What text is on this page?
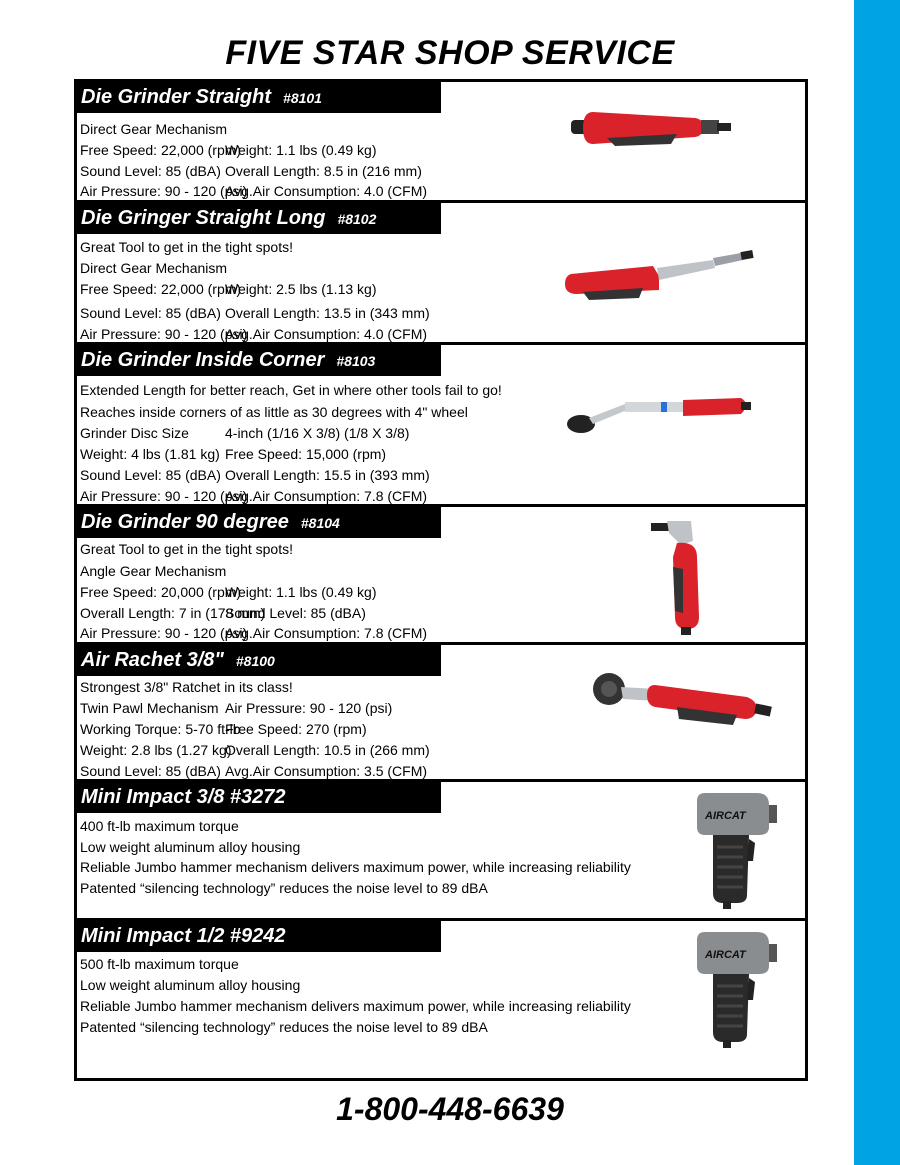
FIVE STAR SHOP SERVICE
Die Grinder Straight #8101
Direct Gear Mechanism
Free Speed: 22,000 (rpm)
Weight: 1.1 lbs (0.49 kg)
Sound Level: 85 (dBA) Overall Length: 8.5 in (216 mm)
Air Pressure: 90 - 120 (psi)
Avg.Air Consumption: 4.0 (CFM)
Die Gringer Straight Long #8102
Great Tool to get in the tight spots!
Direct Gear Mechanism
Free Speed: 22,000 (rpm)
Weight: 2.5 lbs (1.13 kg)
Sound Level: 85 (dBA) Overall Length: 13.5 in (343 mm)
Air Pressure: 90 - 120 (psi)
Avg.Air Consumption: 4.0 (CFM)
Die Grinder Inside Corner #8103
Extended Length for better reach, Get in where other tools fail to go!
Reaches inside corners of as little as 30 degrees with 4" wheel
Grinder Disc Size	4-inch (1/16 X 3/8) (1/8 X 3/8)
Weight: 4 lbs (1.81 kg) Free Speed: 15,000 (rpm)
Sound Level: 85 (dBA) Overall Length: 15.5 in (393 mm)
Air Pressure: 90 - 120 (psi)
Avg.Air Consumption: 7.8 (CFM)
Die Grinder 90 degree #8104
Great Tool to get in the tight spots!
Angle Gear Mechanism
Free Speed: 20,000 (rpm)
Weight: 1.1 lbs (0.49 kg)
Overall Length: 7 in (178 mm)
Sound Level: 85 (dBA)
Air Pressure: 90 - 120 (psi)
Avg.Air Consumption: 7.8 (CFM)
Air Rachet 3/8" #8100
Strongest 3/8" Ratchet in its class!
Twin Pawl Mechanism Air Pressure: 90 - 120 (psi)
Working Torque: 5-70 ft-lb
Free Speed: 270 (rpm)
Weight: 2.8 lbs (1.27 kg)
Overall Length: 10.5 in (266 mm)
Sound Level: 85 (dBA) Avg.Air Consumption: 3.5 (CFM)
Mini Impact 3/8 #3272
400 ft-lb maximum torque
Low weight aluminum alloy housing
Reliable Jumbo hammer mechanism delivers maximum power, while increasing reliability
Patented “silencing technology” reduces the noise level to 89 dBA
AIRCAT
Mini Impact 1/2 #9242
500 ft-lb maximum torque
Low weight aluminum alloy housing
Reliable Jumbo hammer mechanism delivers maximum power, while increasing reliability
Patented “silencing technology” reduces the noise level to 89 dBA
AIRCAT
1-800-448-6639
